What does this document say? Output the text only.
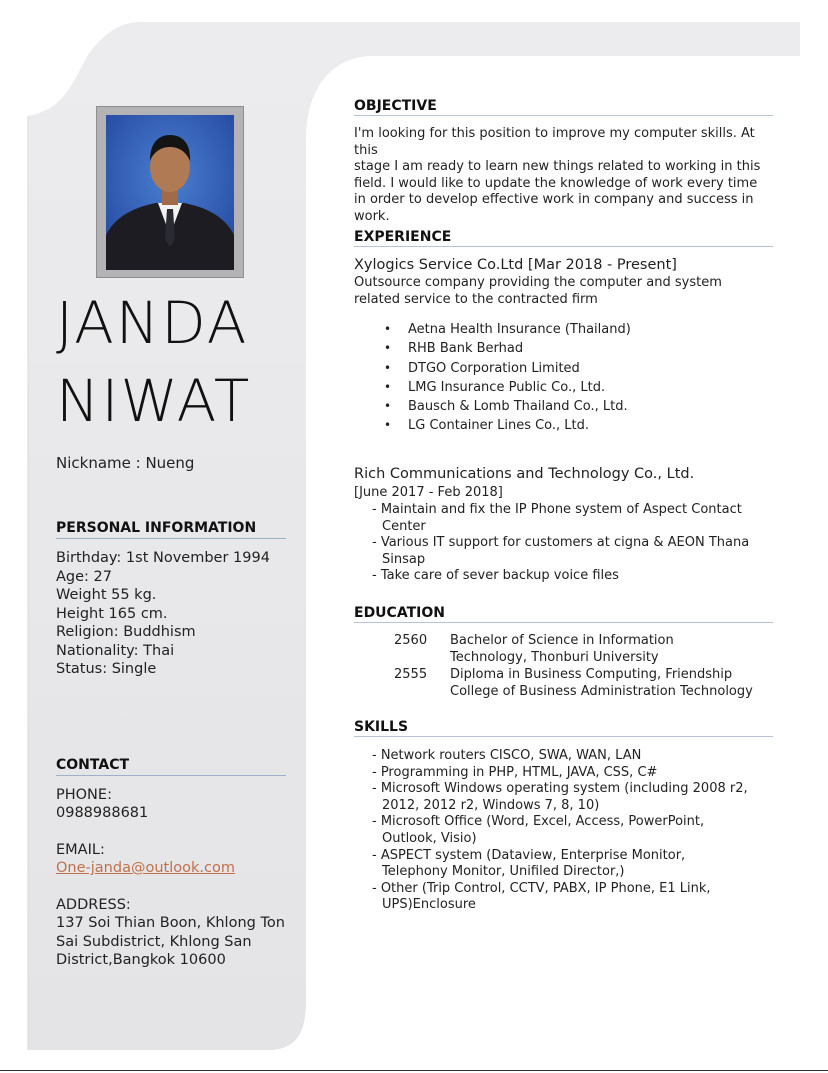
JANDA
NIWAT
Nickname : Nueng
PERSONAL INFORMATION
Birthday: 1st November 1994
Age: 27
Weight 55 kg.
Height 165 cm.
Religion: Buddhism
Nationality: Thai
Status: Single
CONTACT
PHONE:
0988988681
EMAIL:
One-janda@outlook.com
ADDRESS:
137 Soi Thian Boon, Khlong Ton
Sai Subdistrict, Khlong San
District,Bangkok 10600
OBJECTIVE
I'm looking for this position to improve my computer skills. At this
stage I am ready to learn new things related to working in this
field. I would like to update the knowledge of work every time
in order to develop effective work in company and success in
work.
EXPERIENCE
Xylogics Service Co.Ltd [Mar 2018 - Present]
Outsource company providing the computer and system
related service to the contracted firm
• Aetna Health Insurance (Thailand)
• RHB Bank Berhad
• DTGO Corporation Limited
• LMG Insurance Public Co., Ltd.
• Bausch & Lomb Thailand Co., Ltd.
• LG Container Lines Co., Ltd.
Rich Communications and Technology Co., Ltd.
[June 2017 - Feb 2018]
- Maintain and fix the IP Phone system of Aspect Contact Center
- Various IT support for customers at cigna & AEON Thana Sinsap
- Take care of sever backup voice files
EDUCATION
2560	Bachelor of Science in Information
Technology, Thonburi University
2555	Diploma in Business Computing, Friendship
College of Business Administration Technology
SKILLS
- Network routers CISCO, SWA, WAN, LAN
- Programming in PHP, HTML, JAVA, CSS, C#
- Microsoft Windows operating system (including 2008 r2, 2012, 2012 r2, Windows 7, 8, 10)
- Microsoft Office (Word, Excel, Access, PowerPoint, Outlook, Visio)
- ASPECT system (Dataview, Enterprise Monitor, Telephony Monitor, Unifiled Director,)
- Other (Trip Control, CCTV, PABX, IP Phone, E1 Link, UPS)Enclosure
